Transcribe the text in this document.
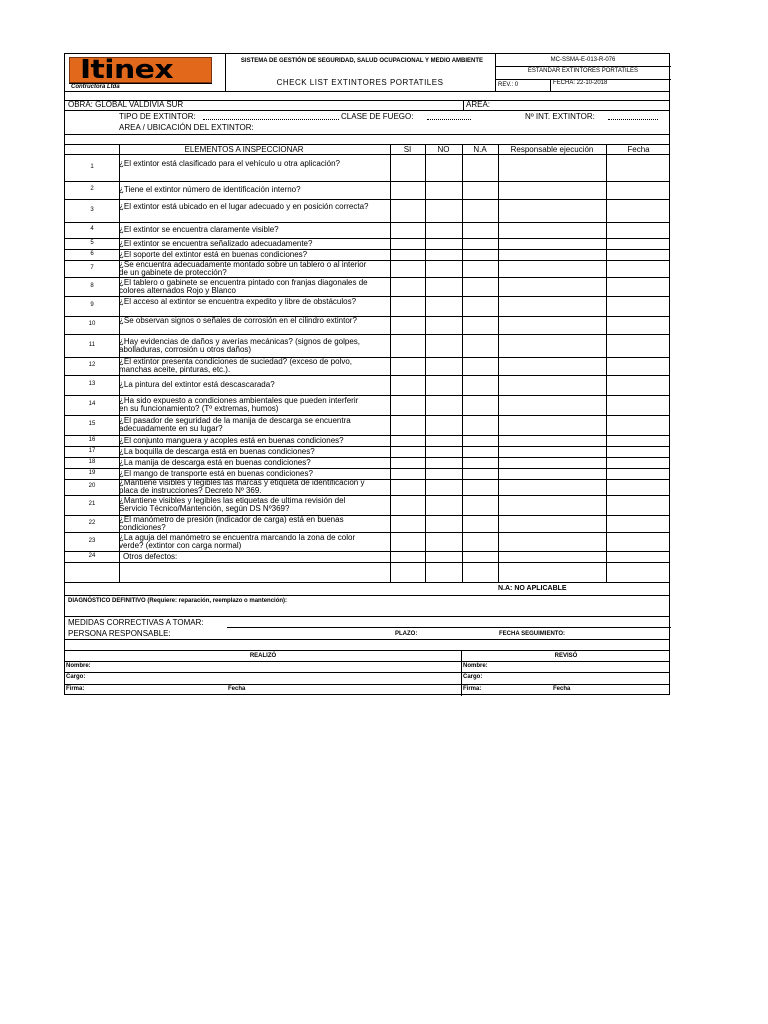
Itinex
Contructora Ltda
SISTEMA DE GESTIÓN DE SEGURIDAD, SALUD OCUPACIONAL Y MEDIO AMBIENTE
CHECK LIST EXTINTORES PORTATILES
MC-SSMA-E-013-R-076
ESTANDAR EXTINTORES PORTATILES
REV.: 0	FECHA: 22-10-2018
OBRA: GLOBAL VALDIVIA SUR	AREA:
TIPO DE EXTINTOR:	CLASE DE FUEGO:	Nº INT. EXTINTOR:
AREA / UBICACIÓN DEL EXTINTOR:
ELEMENTOS A INSPECCIONAR	SI	NO	N.A	Responsable ejecución	Fecha
1	¿El extintor está clasificado para el vehículo u otra aplicación?
2	¿Tiene el extintor número de identificación interno?
3	¿El extintor está ubicado en el lugar adecuado y en posición correcta?
4	¿El extintor se encuentra claramente visible?
5	¿El extintor se encuentra señalizado adecuadamente?
6	¿El soporte del extintor está en buenas condiciones?
7	¿Se encuentra adecuadamente montado sobre un tablero o al interior de un gabinete de protección?
8	¿El tablero o gabinete se encuentra pintado con franjas diagonales de colores alternados Rojo y Blanco
9	¿El acceso al extintor se encuentra expedito y libre de obstáculos?
10	¿Se observan signos o señales de corrosión en el cilindro extintor?
11	¿Hay evidencias de daños y averías mecánicas? (signos de golpes, abolladuras, corrosión u otros daños)
12	¿El extintor presenta condiciones de suciedad? (exceso de polvo, manchas aceite, pinturas, etc.).
13	¿La pintura del extintor está descascarada?
14	¿Ha sido expuesto a condiciones ambientales que pueden interferir en su funcionamiento? (Tº extremas, humos)
15	¿El pasador de seguridad de la manija de descarga se encuentra adecuadamente en su lugar?
16	¿El conjunto manguera y acoples está en buenas condiciones?
17	¿La boquilla de descarga está en buenas condiciones?
18	¿La manija de descarga está en buenas condiciones?
19	¿El mango de transporte está en buenas condiciones?
20	¿Mantiene visibles y legibles las marcas y etiqueta de identificación y placa de instrucciones? Decreto Nº 369.
21	¿Mantiene visibles y legibles las etiquetas de ultima revisión del Servicio Técnico/Mantención, según DS Nº369?
22	¿El manómetro de presión (indicador de carga) está en buenas condiciones?
23	¿La aguja del manómetro se encuentra marcando la zona de color verde? (extintor con carga normal)
24	Otros defectos:
N.A: NO APLICABLE
DIAGNÓSTICO DEFINITIVO (Requiere: reparación, reemplazo o mantención):
MEDIDAS CORRECTIVAS A TOMAR:
PERSONA RESPONSABLE:	PLAZO:	FECHA SEGUIMIENTO:
REALIZÓ	REVISÓ
Nombre:	Nombre:
Cargo:	Cargo:
Firma:	Fecha	Firma:	Fecha
